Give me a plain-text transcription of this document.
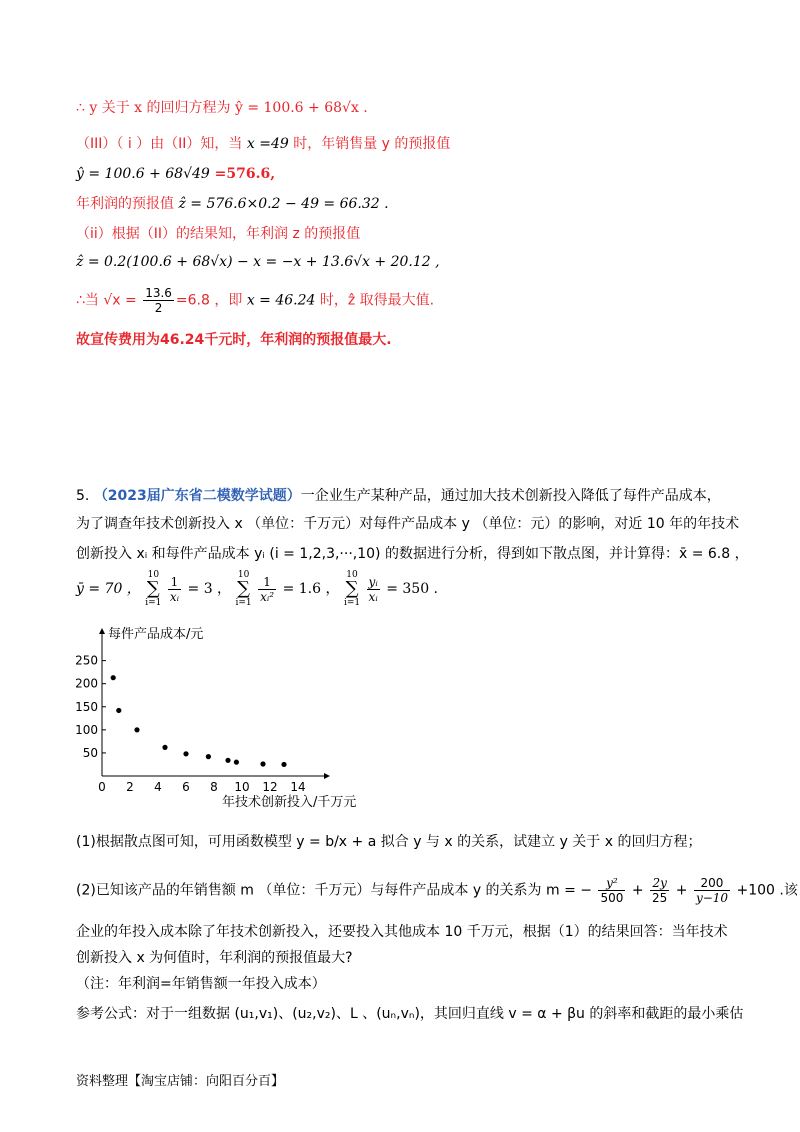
∴ y 关于 x 的回归方程为 ŷ = 100.6 + 68√x .
（III）（ i ）由（II）知，当 x =49 时，年销售量 y 的预报值
ŷ = 100.6 + 68√49 =576.6,
年利润的预报值 ẑ = 576.6×0.2 − 49 = 66.32 .
（ii）根据（II）的结果知，年利润 z 的预报值
ẑ = 0.2(100.6 + 68√x) − x = −x + 13.6√x + 20.12 ,
∴当 $√x = \frac{13.6}{2} =6.8$ ，即 x = 46.24 时，ẑ 取得最大值.
故宣传费用为46.24千元时，年利润的预报值最大.
5. （2023届广东省二模数学试题）一企业生产某种产品，通过加大技术创新投入降低了每件产品成本，
为了调查年技术创新投入 x （单位：千万元）对每件产品成本 y （单位：元）的影响，对近 10 年的年技术
创新投入 xᵢ 和每件产品成本 yᵢ (i = 1,2,3,···,10) 的数据进行分析，得到如下散点图，并计算得：x̄ = 6.8 ，
ȳ = 70 ， 10
∑
$i=1 \frac{1}{\text{xᵢ}} = 3$ ， 10
∑
$i=1 \frac{1}{\text{xᵢ²}} = 1.6$ ， 10
∑
$i=1 \frac{\text{yᵢ}}{\text{xᵢ}} = 350$ .
每件产品成本/元
年技术创新投入/千万元
50
100
150
200
250
0 2 4 6 8 10 12 14
(1)根据散点图可知，可用函数模型 y = b/x + a 拟合 y 与 x 的关系，试建立 y 关于 x 的回归方程；
(2)已知该产品的年销售额 m （单位：千万元）与每件产品成本 y 的关系为 m = − $\frac{\text{y²}}{500} + \frac{2y}{25} + \frac{200}{y-10} +100$ .该
企业的年投入成本除了年技术创新投入，还要投入其他成本 10 千万元，根据（1）的结果回答：当年技术
创新投入 x 为何值时，年利润的预报值最大?
（注：年利润=年销售额一年投入成本）
参考公式：对于一组数据 (u₁,v₁)、(u₂,v₂)、L 、(uₙ,vₙ)，其回归直线 v = α + βu 的斜率和截距的最小乘估
资料整理【淘宝店铺：向阳百分百】
